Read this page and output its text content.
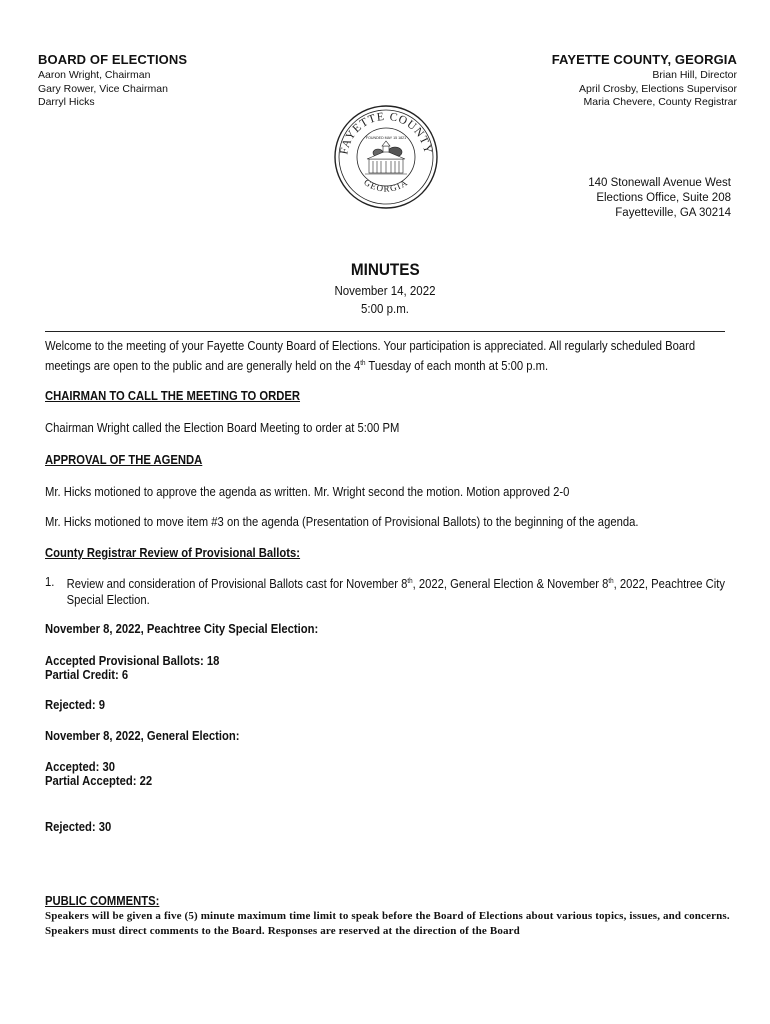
BOARD OF ELECTIONS
Aaron Wright, Chairman
Gary Rower, Vice Chairman
Darryl Hicks
FAYETTE COUNTY, GEORGIA
Brian Hill, Director
April Crosby, Elections Supervisor
Maria Chevere, County Registrar
FAYETTE COUNTY
GEORGIA
FOUNDED MAY 15 1821
140 Stonewall Avenue West
Elections Office, Suite 208
Fayetteville, GA 30214
MINUTES
November 14, 2022
5:00 p.m.

Welcome to the meeting of your Fayette County Board of Elections. Your participation is appreciated. All regularly scheduled Board meetings are open to the public and are generally held on the 4th Tuesday of each month at 5:00 p.m.

CHAIRMAN TO CALL THE MEETING TO ORDER

Chairman Wright called the Election Board Meeting to order at 5:00 PM

APPROVAL OF THE AGENDA

Mr. Hicks motioned to approve the agenda as written. Mr. Wright second the motion. Motion approved 2-0

Mr. Hicks motioned to move item #3 on the agenda (Presentation of Provisional Ballots) to the beginning of the agenda.

County Registrar Review of Provisional Ballots:

1. Review and consideration of Provisional Ballots cast for November 8th, 2022, General Election & November 8th, 2022, Peachtree City Special Election.

November 8, 2022, Peachtree City Special Election:

Accepted Provisional Ballots: 18

Partial Credit: 6

Rejected: 9

November 8, 2022, General Election:

Accepted: 30

Partial Accepted: 22

Rejected: 30

PUBLIC COMMENTS:
Speakers will be given a five (5) minute maximum time limit to speak before the Board of Elections about various topics, issues, and concerns. Speakers must direct comments to the Board. Responses are reserved at the direction of the Board
